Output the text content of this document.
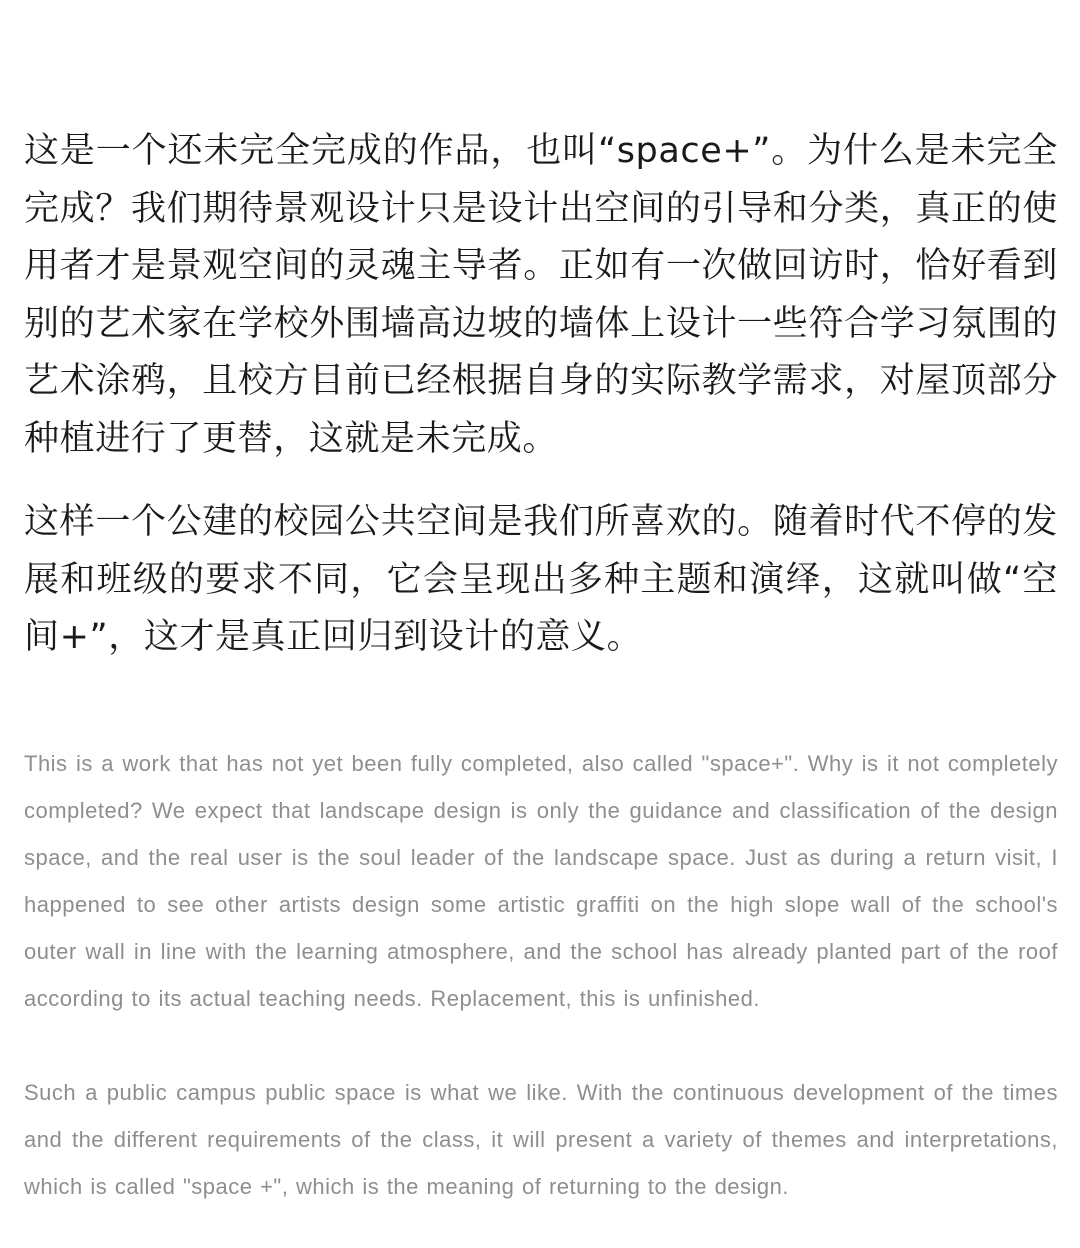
这是一个还未完全完成的作品，也叫“space+”。为什么是未完全完成？我们期待景观设计只是设计出空间的引导和分类，真正的使用者才是景观空间的灵魂主导者。正如有一次做回访时，恰好看到别的艺术家在学校外围墙高边坡的墙体上设计一些符合学习氛围的艺术涂鸦，且校方目前已经根据自身的实际教学需求，对屋顶部分种植进行了更替，这就是未完成。

这样一个公建的校园公共空间是我们所喜欢的。随着时代不停的发展和班级的要求不同，它会呈现出多种主题和演绎，这就叫做“空间+”，这才是真正回归到设计的意义。

This is a work that has not yet been fully completed, also called "space+". Why is it not completely completed? We expect that landscape design is only the guidance and classification of the design space, and the real user is the soul leader of the landscape space. Just as during a return visit, I happened to see other artists design some artistic graffiti on the high slope wall of the school's outer wall in line with the learning atmosphere, and the school has already planted part of the roof according to its actual teaching needs. Replacement, this is unfinished.

Such a public campus public space is what we like. With the continuous development of the times and the different requirements of the class, it will present a variety of themes and interpretations, which is called "space +", which is the meaning of returning to the design.
